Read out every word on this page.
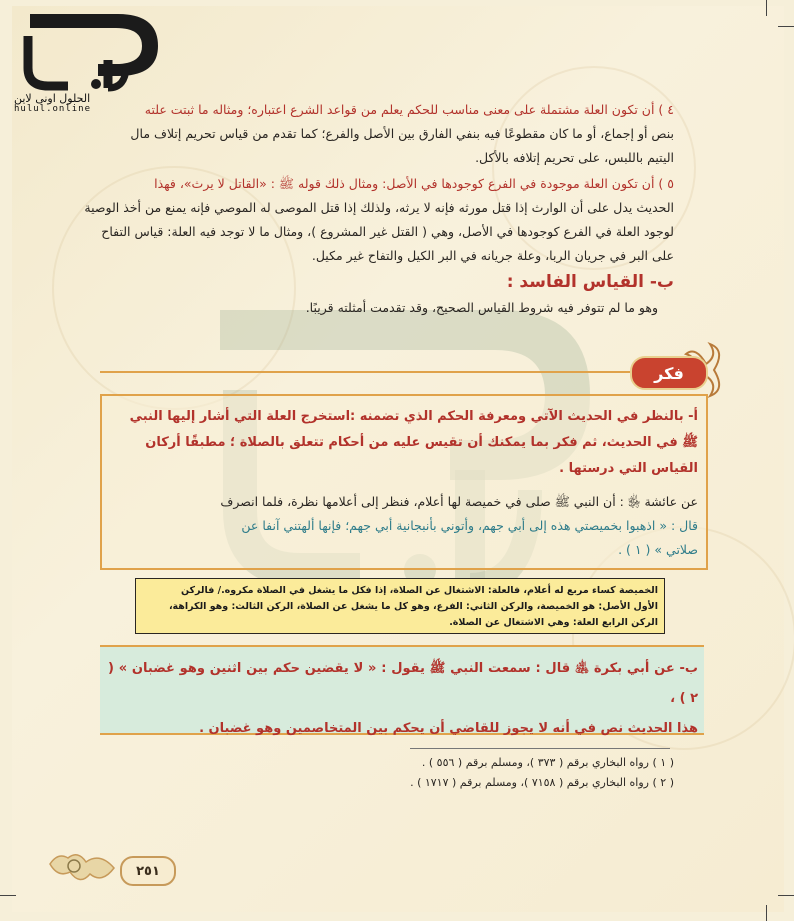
الحلول اونی لاین
hulul.online	٤ ) أن تكون العلة مشتملة على معنى مناسب للحكم يعلم من قواعد الشرع اعتباره؛ ومثاله ما ثبتت علته
بنص أو إجماع، أو ما كان مقطوعًا فيه بنفي الفارق بين الأصل والفرع؛ كما تقدم من قياس تحريم إتلاف مال
اليتيم باللبس، على تحريم إتلافه بالأكل.
٥ ) أن تكون العلة موجودة في الفرع كوجودها في الأصل: ومثال ذلك قوله ﷺ : «القاتل لا يرث»، فهذا
الحديث يدل على أن الوارث إذا قتل مورثه فإنه لا يرثه، ولذلك إذا قتل الموصى له الموصي فإنه يمنع من أخذ الوصية
لوجود العلة في الفرع كوجودها في الأصل، وهي ( القتل غير المشروع )، ومثال ما لا توجد فيه العلة: قياس التفاح
على البر في جريان الربا، وعلة جريانه في البر الكيل والتفاح غير مكيل.
ب- القياس الفاسد :
وهو ما لم تتوفر فيه شروط القياس الصحيح، وقد تقدمت أمثلته قريبًا.
فكر
أ- بالنظر في الحديث الآتي ومعرفة الحكم الذي تضمنه :استخرج العلة التي أشار إليها النبي
ﷺ في الحديث، ثم فكر بما يمكنك أن تقيس عليه من أحكام تتعلق بالصلاة ؛ مطبقًا أركان
القياس التي درستها .
عن عائشة ﵂ : أن النبي ﷺ صلى في خميصة لها أعلام، فنظر إلى أعلامها نظرة، فلما انصرف
قال : « اذهبوا بخميصتي هذه إلى أبي جهم، وأتوني بأنبجانية أبي جهم؛ فإنها ألهتني آنفا عن
صلاتي » ( ١ ) .
الخميصة كساء مربع له أعلام، فالعلة: الاشتغال عن الصلاة، إذا فكل ما يشغل في الصلاة مكروه./ فالركن
الأول الأصل: هو الخميصة، والركن الثاني: الفرع، وهو كل ما يشغل عن الصلاة، الركن الثالث: وهو الكراهة،
الركن الرابع العلة: وهي الاشتغال عن الصلاة.
ب- عن أبي بكرة ﵁ قال : سمعت النبي ﷺ يقول : « لا يقضين حكم بين اثنين وهو غضبان » ( ٢ ) ،
هذا الحديث نص في أنه لا يجوز للقاضي أن يحكم بين المتخاصمين وهو غضبان .
( ١ ) رواه البخاري برقم ( ٣٧٣ )، ومسلم برقم ( ٥٥٦ ) .
( ٢ ) رواه البخاري برقم ( ٧١٥٨ )، ومسلم برقم ( ١٧١٧ ) .
٢٥١
